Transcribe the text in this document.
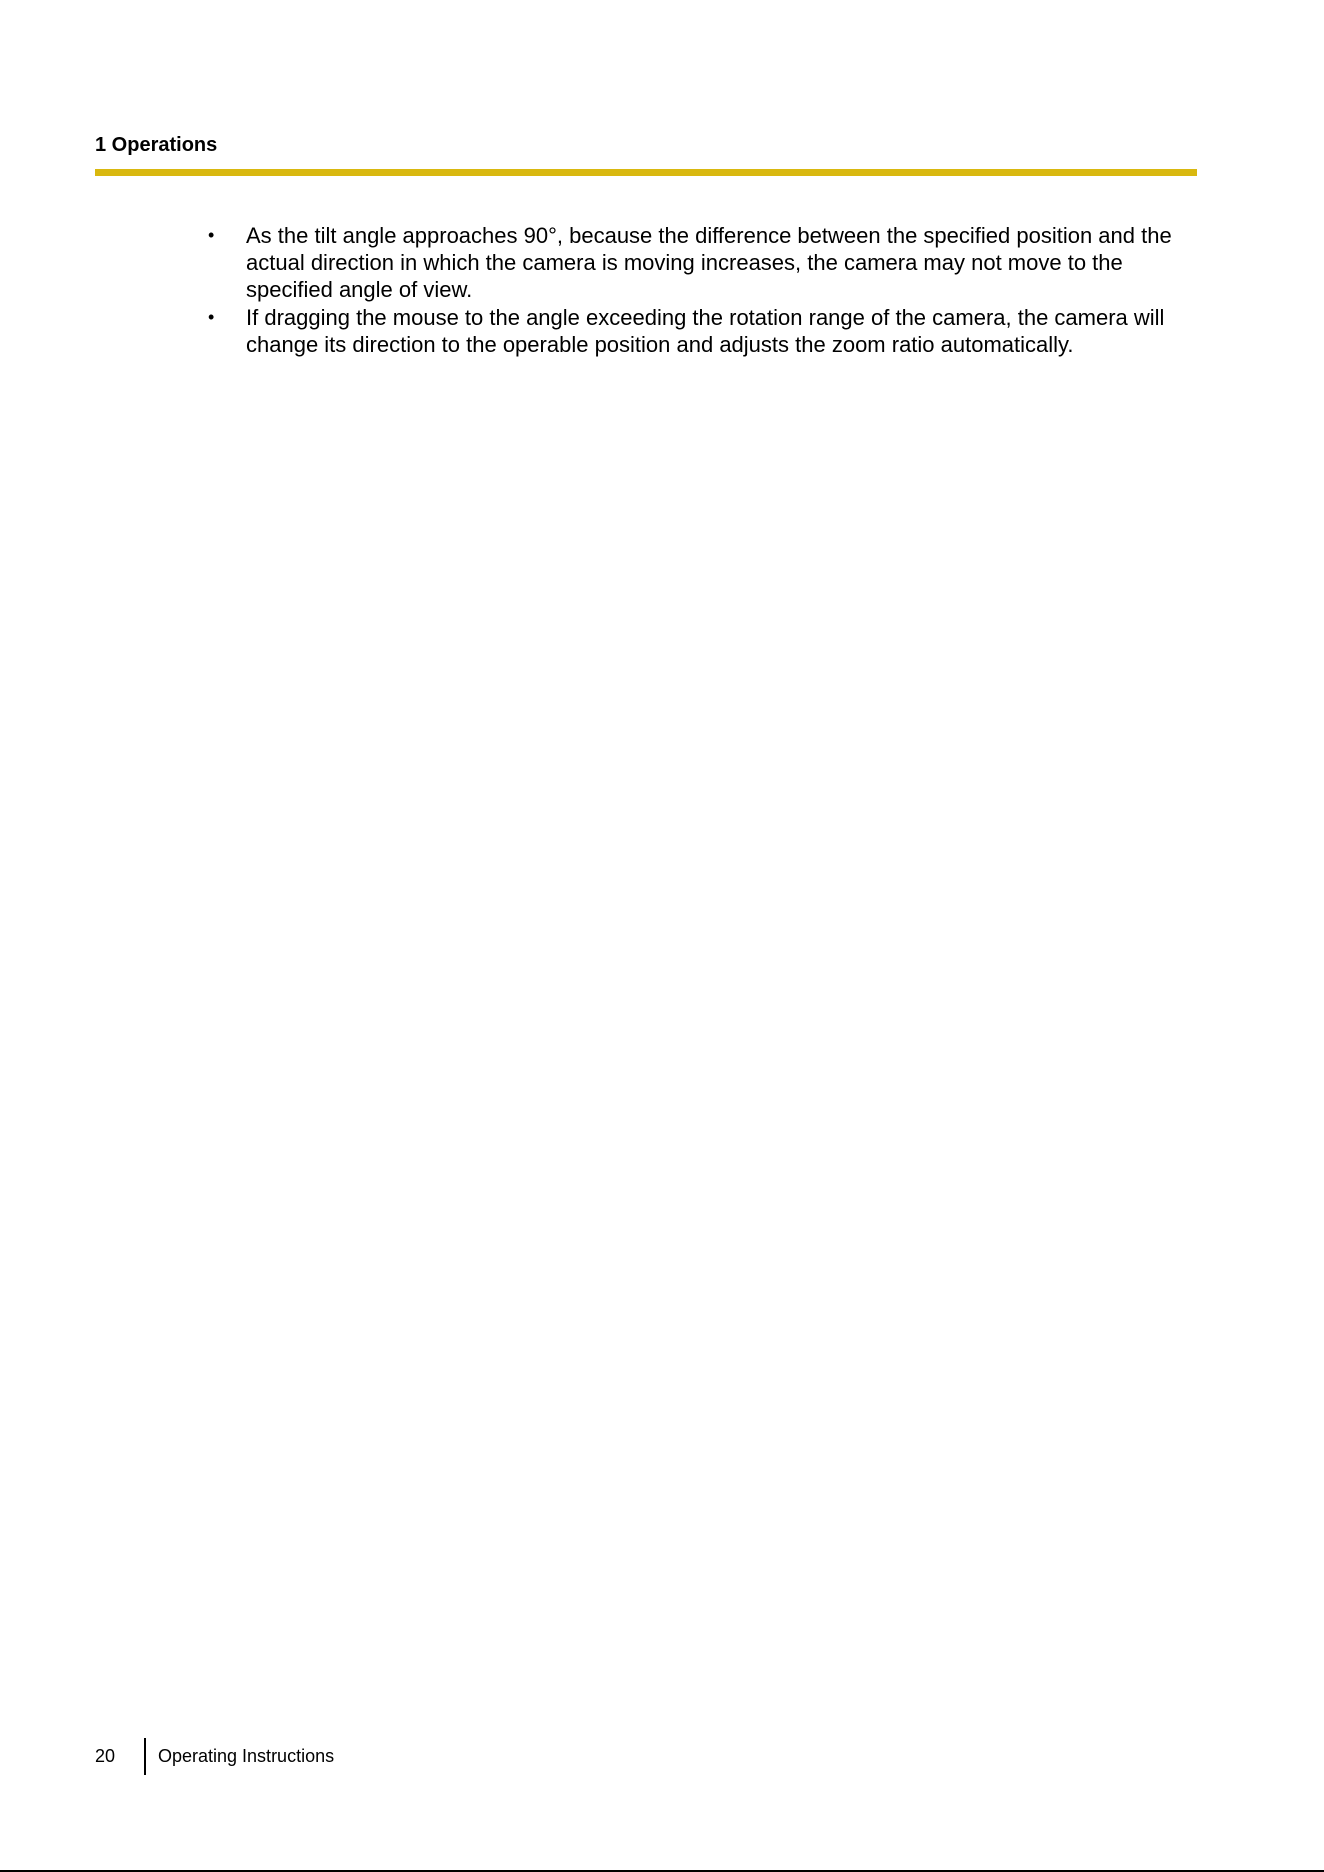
1 Operations
• As the tilt angle approaches 90°, because the difference between the specified position and the actual direction in which the camera is moving increases, the camera may not move to the specified angle of view.
• If dragging the mouse to the angle exceeding the rotation range of the camera, the camera will change its direction to the operable position and adjusts the zoom ratio automatically.
20 Operating Instructions
